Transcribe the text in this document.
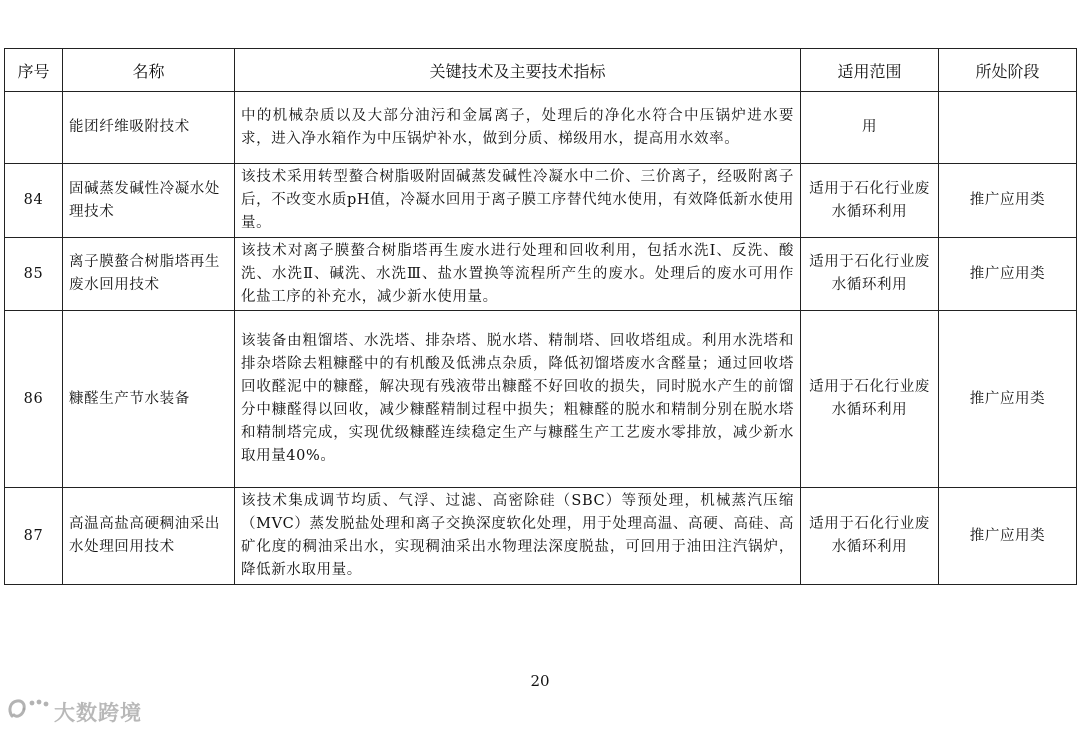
序号	名称	关键技术及主要技术指标	适用范围	所处阶段
	能团纤维吸附技术	中的机械杂质以及大部分油污和金属离子，处理后的净化水符合中压锅炉进水要求，进入净水箱作为中压锅炉补水，做到分质、梯级用水，提高用水效率。	用	
84	固碱蒸发碱性冷凝水处理技术	该技术采用转型螯合树脂吸附固碱蒸发碱性冷凝水中二价、三价离子，经吸附离子后，不改变水质pH值，冷凝水回用于离子膜工序替代纯水使用，有效降低新水使用量。	适用于石化行业废水循环利用	推广应用类
85	离子膜螯合树脂塔再生废水回用技术	该技术对离子膜螯合树脂塔再生废水进行处理和回收利用，包括水洗Ⅰ、反洗、酸洗、水洗Ⅱ、碱洗、水洗Ⅲ、盐水置换等流程所产生的废水。处理后的废水可用作化盐工序的补充水，减少新水使用量。	适用于石化行业废水循环利用	推广应用类
86	糠醛生产节水装备	该装备由粗馏塔、水洗塔、排杂塔、脱水塔、精制塔、回收塔组成。利用水洗塔和排杂塔除去粗糠醛中的有机酸及低沸点杂质，降低初馏塔废水含醛量；通过回收塔回收醛泥中的糠醛，解决现有残液带出糠醛不好回收的损失，同时脱水产生的前馏分中糠醛得以回收，减少糠醛精制过程中损失；粗糠醛的脱水和精制分别在脱水塔和精制塔完成，实现优级糠醛连续稳定生产与糠醛生产工艺废水零排放，减少新水取用量40%。	适用于石化行业废水循环利用	推广应用类
87	高温高盐高硬稠油采出水处理回用技术	该技术集成调节均质、气浮、过滤、高密除硅（SBC）等预处理，机械蒸汽压缩（MVC）蒸发脱盐处理和离子交换深度软化处理，用于处理高温、高硬、高硅、高矿化度的稠油采出水，实现稠油采出水物理法深度脱盐，可回用于油田注汽锅炉，降低新水取用量。	适用于石化行业废水循环利用	推广应用类
20
大数跨境
